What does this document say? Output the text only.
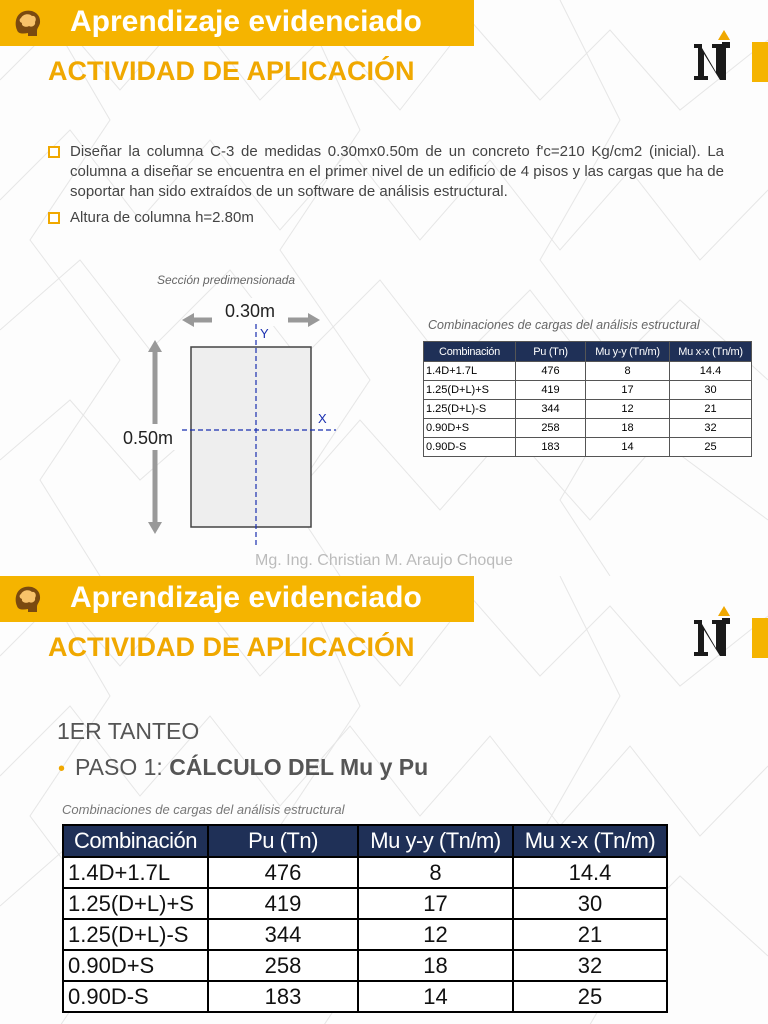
Aprendizaje evidenciado
ACTIVIDAD DE APLICACIÓN
Diseñar la columna C-3 de medidas 0.30mx0.50m de un concreto f'c=210 Kg/cm2 (inicial). La columna a diseñar se encuentra en el primer nivel de un edificio de 4 pisos y las cargas que ha de soportar han sido extraídos de un software de análisis estructural.
Altura de columna h=2.80m
Sección predimensionada
0.30m
0.50m
Y
X
Combinaciones de cargas del análisis estructural
Combinación	Pu (Tn)	Mu y-y (Tn/m)	Mu x-x (Tn/m)
1.4D+1.7L	476	8	14.4
1.25(D+L)+S	419	17	30
1.25(D+L)-S	344	12	21
0.90D+S	258	18	32
0.90D-S	183	14	25
Mg. Ing. Christian M. Araujo Choque
Aprendizaje evidenciado
ACTIVIDAD DE APLICACIÓN
1ER TANTEO
• PASO 1: CÁLCULO DEL Mu y Pu
Combinaciones de cargas del análisis estructural
Combinación	Pu (Tn)	Mu y-y (Tn/m)	Mu x-x (Tn/m)
1.4D+1.7L	476	8	14.4
1.25(D+L)+S	419	17	30
1.25(D+L)-S	344	12	21
0.90D+S	258	18	32
0.90D-S	183	14	25
